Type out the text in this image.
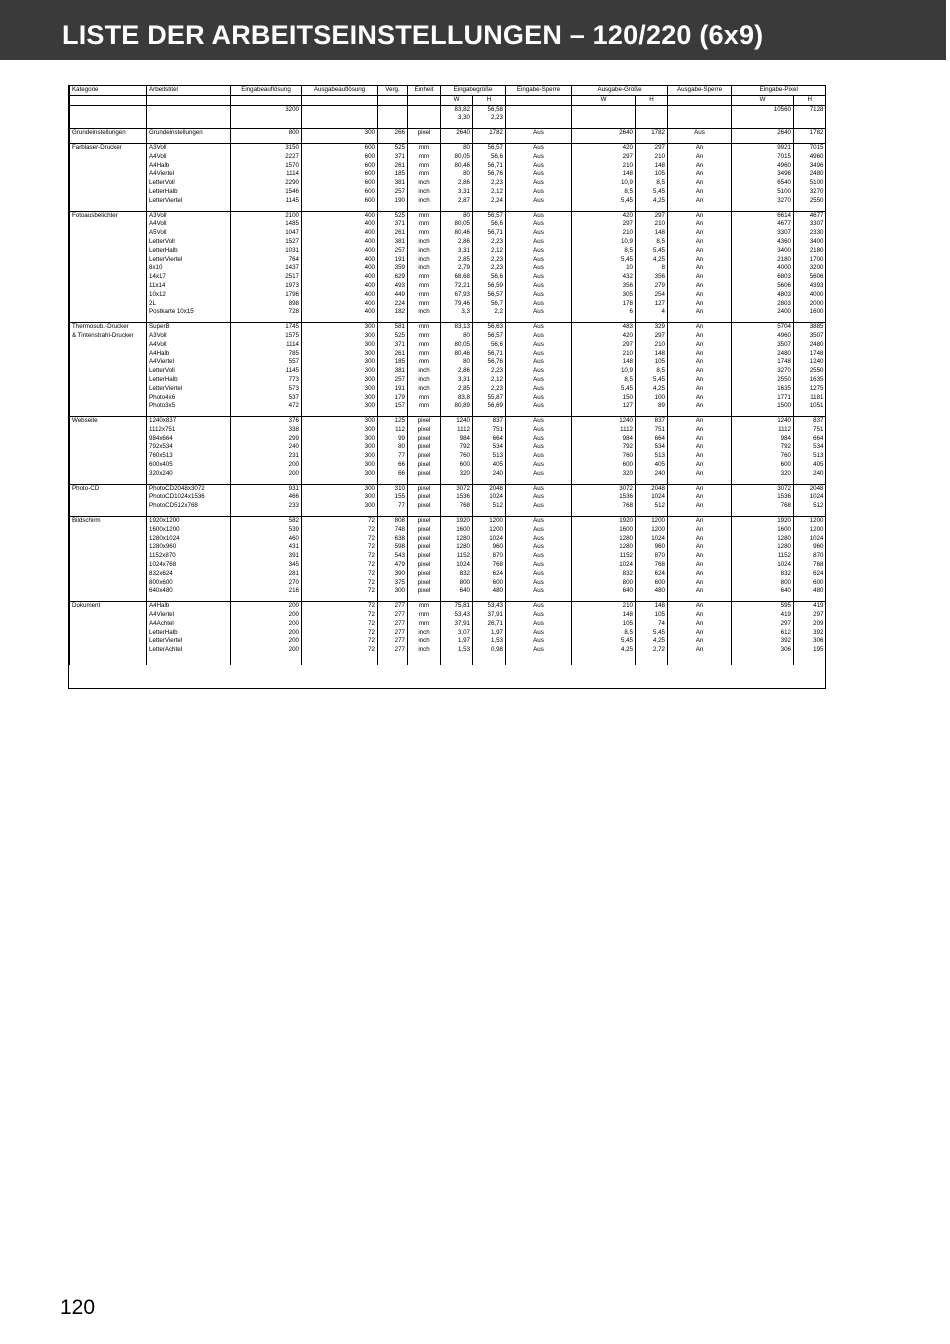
LISTE DER ARBEITSEINSTELLUNGEN – 120/220 (6x9)
Kategorie	Arbeitstitel	Eingabeauflösung	Ausgabeauflösung	Verg.	Einheit	Eingabegröße		Eingabe-Sperre	Ausgabe-Größe		Ausgabe-Sperre	Eingabe-Pixel	
						W	H		W	H		W	H
		3200				83,82	56,58					10560	7128
						3,30	2,23						

Grundeinstellungen	Grundeinstellungen	800	300	266	pixel	2640	1782	Aus	2640	1782	Aus	2640	1782

Farblaser-Drucker	A3Voll	3150	600	525	mm	80	56,57	Aus	420	297	An	9921	7015
	A4Voll	2227	600	371	mm	80,05	56,6	Aus	297	210	An	7015	4960
	A4Halb	1570	600	261	mm	80,46	56,71	Aus	210	148	An	4960	3496
	A4Viertel	1114	600	185	mm	80	56,76	Aus	148	105	An	3496	2480
	LetterVoll	2290	600	381	inch	2,86	2,23	Aus	10,9	8,5	An	6540	5100
	LetterHalb	1546	600	257	inch	3,31	2,12	Aus	8,5	5,45	An	5100	3270
	LetterViertel	1145	600	190	inch	2,87	2,24	Aus	5,45	4,25	An	3270	2550

Fotoausbelichter	A3Voll	2100	400	525	mm	80	56,57	Aus	420	297	An	6614	4677
	A4Voll	1485	400	371	mm	80,05	56,6	Aus	297	210	An	4677	3307
	A5Voll	1047	400	261	mm	80,46	56,71	Aus	210	148	An	3307	2330
	LetterVoll	1527	400	381	inch	2,86	2,23	Aus	10,9	8,5	An	4360	3400
	LetterHalb	1031	400	257	inch	3,31	2,12	Aus	8,5	5,45	An	3400	2180
	LetterViertel	764	400	191	inch	2,85	2,23	Aus	5,45	4,25	An	2180	1700
	8x10	1437	400	359	inch	2,79	2,23	Aus	10	8	An	4000	3200
	14x17	2517	400	629	mm	68,68	56,6	Aus	432	356	An	6803	5606
	11x14	1973	400	493	mm	72,21	56,59	Aus	356	279	An	5606	4393
	10x12	1796	400	449	mm	67,93	56,57	Aus	305	254	An	4803	4000
	2L	898	400	224	mm	79,46	56,7	Aus	178	127	An	2803	2000
	Postkarte 10x15	728	400	182	inch	3,3	2,2	Aus	6	4	An	2400	1600

Thermosub.-Drucker	SuperB	1745	300	581	mm	83,13	56,63	Aus	483	329	An	5704	3885
& Tintenstrahl-Drucker	A3Voll	1575	300	525	mm	80	56,57	Aus	420	297	An	4960	3507
	A4Voll	1114	300	371	mm	80,05	56,6	Aus	297	210	An	3507	2480
	A4Halb	785	300	261	mm	80,46	56,71	Aus	210	148	An	2480	1748
	A4Viertel	557	300	185	mm	80	56,76	Aus	148	105	An	1748	1240
	LetterVoll	1145	300	381	inch	2,86	2,23	Aus	10,9	8,5	An	3270	2550
	LetterHalb	773	300	257	inch	3,31	2,12	Aus	8,5	5,45	An	2550	1635
	LetterViertel	573	300	191	inch	2,85	2,23	Aus	5,45	4,25	An	1635	1275
	Photo4x6	537	300	179	mm	83,8	55,87	Aus	150	100	An	1771	1181
	Photo3x5	472	300	157	mm	80,89	56,69	Aus	127	89	An	1500	1051

Webseite	1240x837	376	300	125	pixel	1240	837	Aus	1240	837	An	1240	837
	1112x751	338	300	112	pixel	1112	751	Aus	1112	751	An	1112	751
	984x664	299	300	99	pixel	984	664	Aus	984	664	An	984	664
	792x534	240	300	80	pixel	792	534	Aus	792	534	An	792	534
	760x513	231	300	77	pixel	760	513	Aus	760	513	An	760	513
	600x405	200	300	66	pixel	600	405	Aus	600	405	An	600	405
	320x240	200	300	66	pixel	320	240	Aus	320	240	An	320	240

Photo-CD	PhotoCD2048x3072	931	300	310	pixel	3072	2048	Aus	3072	2048	An	3072	2048
	PhotoCD1024x1536	466	300	155	pixel	1536	1024	Aus	1536	1024	An	1536	1024
	PhotoCD512x768	233	300	77	pixel	768	512	Aus	768	512	An	768	512

Bildschirm	1920x1200	582	72	808	pixel	1920	1200	Aus	1920	1200	An	1920	1200
	1600x1200	539	72	748	pixel	1600	1200	Aus	1600	1200	An	1600	1200
	1280x1024	460	72	638	pixel	1280	1024	Aus	1280	1024	An	1280	1024
	1280x960	431	72	598	pixel	1280	960	Aus	1280	960	An	1280	960
	1152x870	391	72	543	pixel	1152	870	Aus	1152	870	An	1152	870
	1024x768	345	72	479	pixel	1024	768	Aus	1024	768	An	1024	768
	832x624	281	72	390	pixel	832	624	Aus	832	624	An	832	624
	800x600	270	72	375	pixel	800	600	Aus	800	600	An	800	600
	640x480	216	72	300	pixel	640	480	Aus	640	480	An	640	480

Dokument	A4Halb	200	72	277	mm	75,81	53,43	Aus	210	148	An	595	419
	A4Viertel	200	72	277	mm	53,43	37,91	Aus	148	105	An	419	297
	A4Achtel	200	72	277	mm	37,91	26,71	Aus	105	74	An	297	209
	LetterHalb	200	72	277	inch	3,07	1,97	Aus	8,5	5,45	An	612	392
	LetterViertel	200	72	277	inch	1,97	1,53	Aus	5,45	4,25	An	392	306
	LetterAchtel	200	72	277	inch	1,53	0,98	Aus	4,25	2,72	An	306	195

120
